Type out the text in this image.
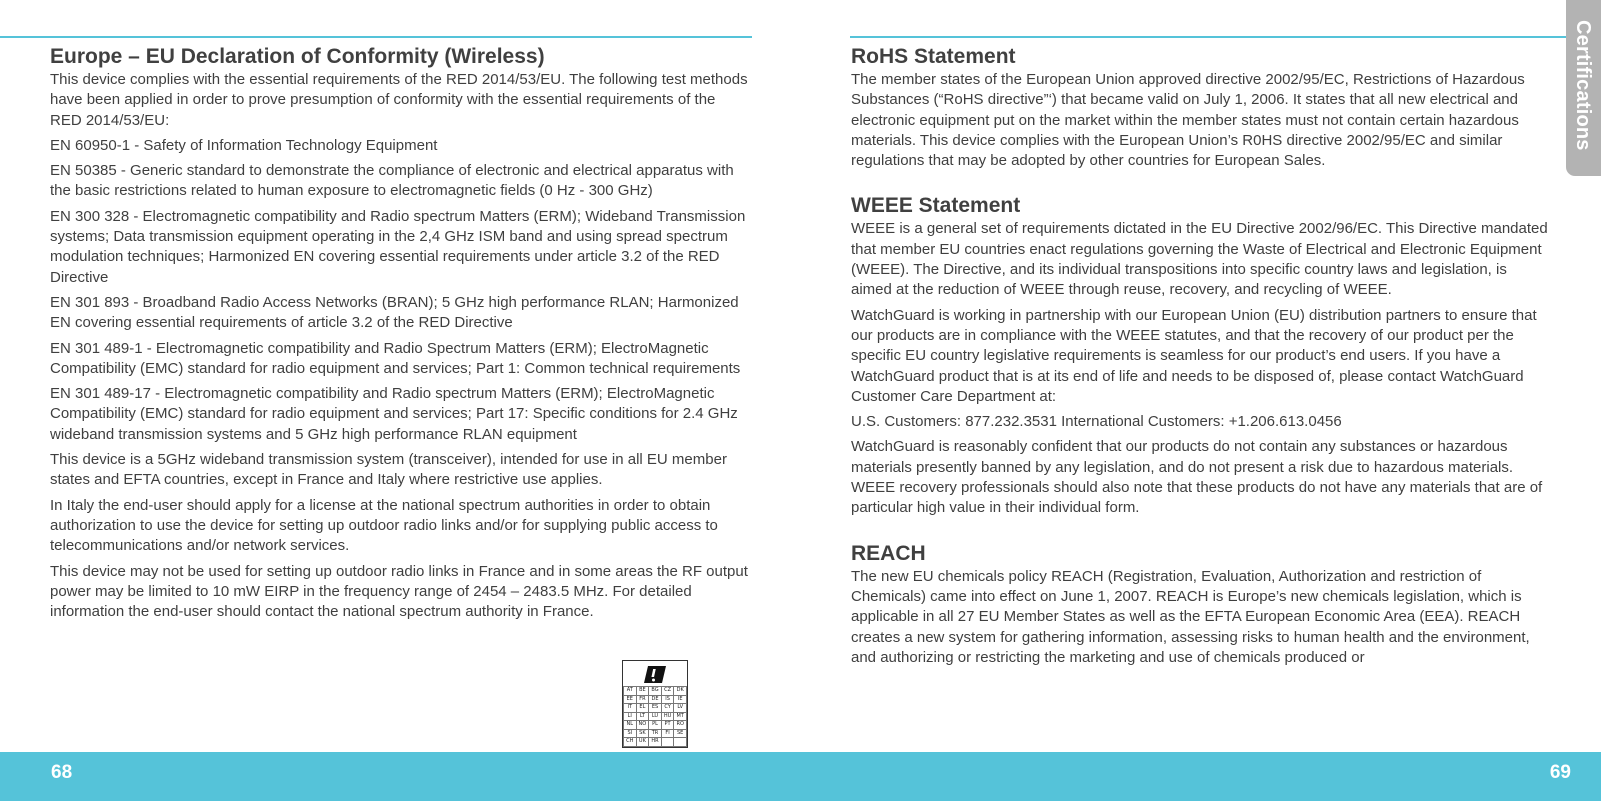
Europe – EU Declaration of Conformity (Wireless)

This device complies with the essential requirements of the RED 2014/53/EU. The following test methods have been applied in order to prove presumption of conformity with the essential requirements of the RED 2014/53/EU:

EN 60950-1 - Safety of Information Technology Equipment

EN 50385 - Generic standard to demonstrate the compliance of electronic and electrical apparatus with the basic restrictions related to human exposure to electromagnetic fields (0 Hz - 300 GHz)

EN 300 328 - Electromagnetic compatibility and Radio spectrum Matters (ERM); Wideband Transmission systems; Data transmission equipment operating in the 2,4 GHz ISM band and using spread spectrum modulation techniques; Harmonized EN covering essential requirements under article 3.2 of the RED Directive

EN 301 893 - Broadband Radio Access Networks (BRAN); 5 GHz high performance RLAN; Harmonized EN covering essential requirements of article 3.2 of the RED Directive

EN 301 489-1 - Electromagnetic compatibility and Radio Spectrum Matters (ERM); ElectroMagnetic Compatibility (EMC) standard for radio equipment and services; Part 1: Common technical requirements

EN 301 489-17 - Electromagnetic compatibility and Radio spectrum Matters (ERM); ElectroMagnetic Compatibility (EMC) standard for radio equipment and services; Part 17: Specific conditions for 2.4 GHz wideband transmission systems and 5 GHz high performance RLAN equipment

This device is a 5GHz wideband transmission system (transceiver), intended for use in all EU member states and EFTA countries, except in France and Italy where restrictive use applies.

In Italy the end-user should apply for a license at the national spectrum authorities in order to obtain authorization to use the device for setting up outdoor radio links and/or for supplying public access to telecommunications and/or network services.

This device may not be used for setting up outdoor radio links in France and in some areas the RF output power may be limited to 10 mW EIRP in the frequency range of 2454 – 2483.5 MHz. For detailed information the end-user should contact the national spectrum authority in France.

AT	BE	BG	CZ	DK
EE	FR	DE	IS	IE
IT	EL	ES	CY	LV
LI	LT	LU	HU	MT
NL	NO	PL	PT	RO
SI	SK	TR	FI	SE
CH	UK	HR		
RoHS Statement

The member states of the European Union approved directive 2002/95/EC, Restrictions of Hazardous Substances (“RoHS directive”‘) that became valid on July 1, 2006. It states that all new electrical and electronic equipment put on the market within the member states must not contain certain hazardous materials. This device complies with the European Union’s R0HS directive 2002/95/EC and similar regulations that may be adopted by other countries for European Sales.

WEEE Statement

WEEE is a general set of requirements dictated in the EU Directive 2002/96/EC. This Directive mandated that member EU countries enact regulations governing the Waste of Electrical and Electronic Equipment (WEEE). The Directive, and its individual transpositions into specific country laws and legislation, is aimed at the reduction of WEEE through reuse, recovery, and recycling of WEEE.

WatchGuard is working in partnership with our European Union (EU) distribution partners to ensure that our products are in compliance with the WEEE statutes, and that the recovery of our product per the specific EU country legislative requirements is seamless for our product’s end users. If you have a WatchGuard product that is at its end of life and needs to be disposed of, please contact WatchGuard Customer Care Department at:

U.S. Customers: 877.232.3531 International Customers: +1.206.613.0456

WatchGuard is reasonably confident that our products do not contain any substances or hazardous materials presently banned by any legislation, and do not present a risk due to hazardous materials. WEEE recovery professionals should also note that these products do not have any materials that are of particular high value in their individual form.

REACH

The new EU chemicals policy REACH (Registration, Evaluation, Authorization and restriction of Chemicals) came into effect on June 1, 2007. REACH is Europe’s new chemicals legislation, which is applicable in all 27 EU Member States as well as the EFTA European Economic Area (EEA). REACH creates a new system for gathering information, assessing risks to human health and the environment, and authorizing or restricting the marketing and use of chemicals produced or

Certifications
68	69
